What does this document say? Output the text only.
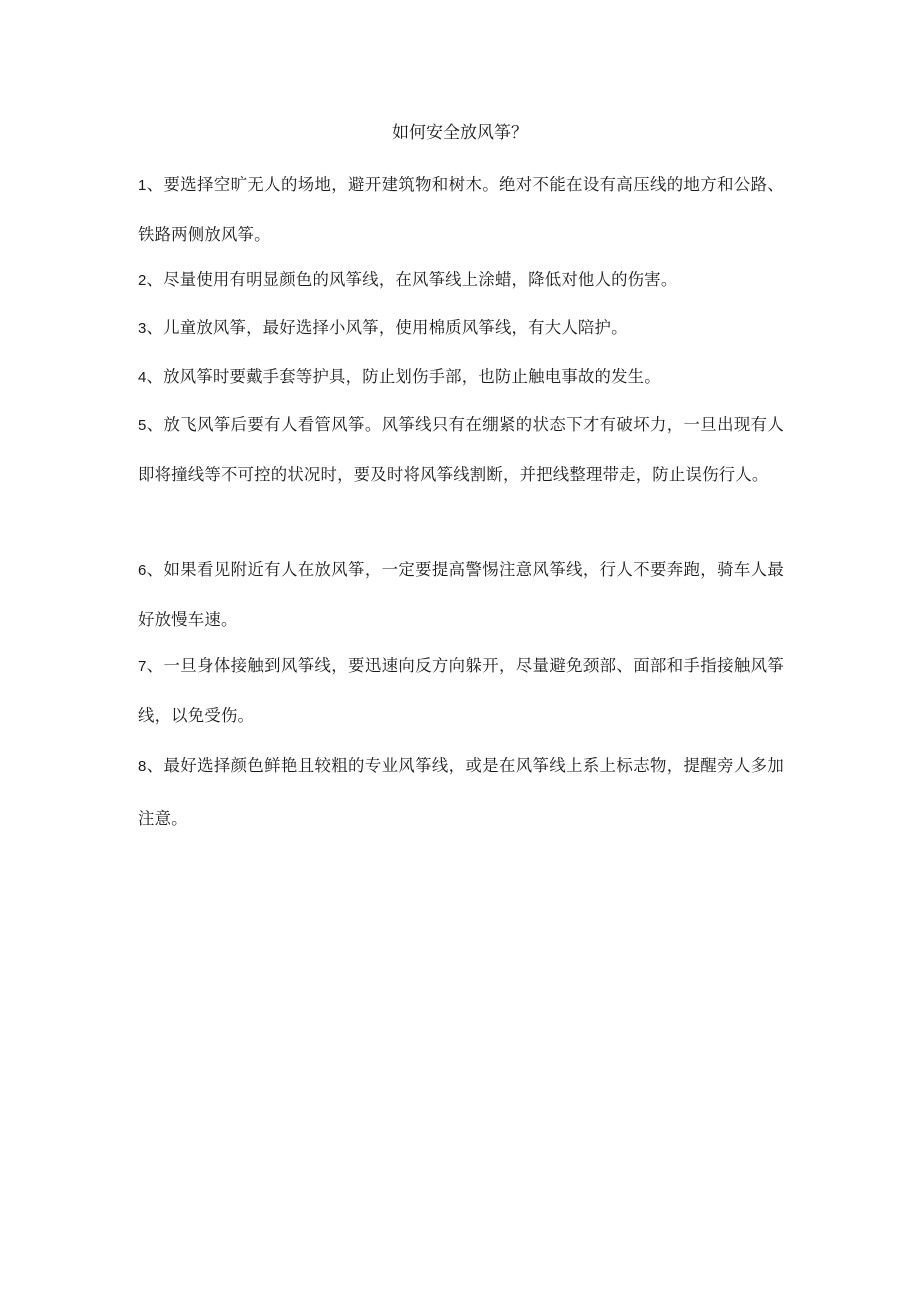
如何安全放风筝？

1、要选择空旷无人的场地，避开建筑物和树木。绝对不能在设有高压线的地方和公路、铁路两侧放风筝。

2、尽量使用有明显颜色的风筝线，在风筝线上涂蜡，降低对他人的伤害。

3、儿童放风筝，最好选择小风筝，使用棉质风筝线，有大人陪护。

4、放风筝时要戴手套等护具，防止划伤手部，也防止触电事故的发生。

5、放飞风筝后要有人看管风筝。风筝线只有在绷紧的状态下才有破坏力，一旦出现有人即将撞线等不可控的状况时，要及时将风筝线割断，并把线整理带走，防止误伤行人。

6、如果看见附近有人在放风筝，一定要提高警惕注意风筝线，行人不要奔跑，骑车人最好放慢车速。

7、一旦身体接触到风筝线，要迅速向反方向躲开，尽量避免颈部、面部和手指接触风筝线，以免受伤。

8、最好选择颜色鲜艳且较粗的专业风筝线，或是在风筝线上系上标志物，提醒旁人多加注意。
